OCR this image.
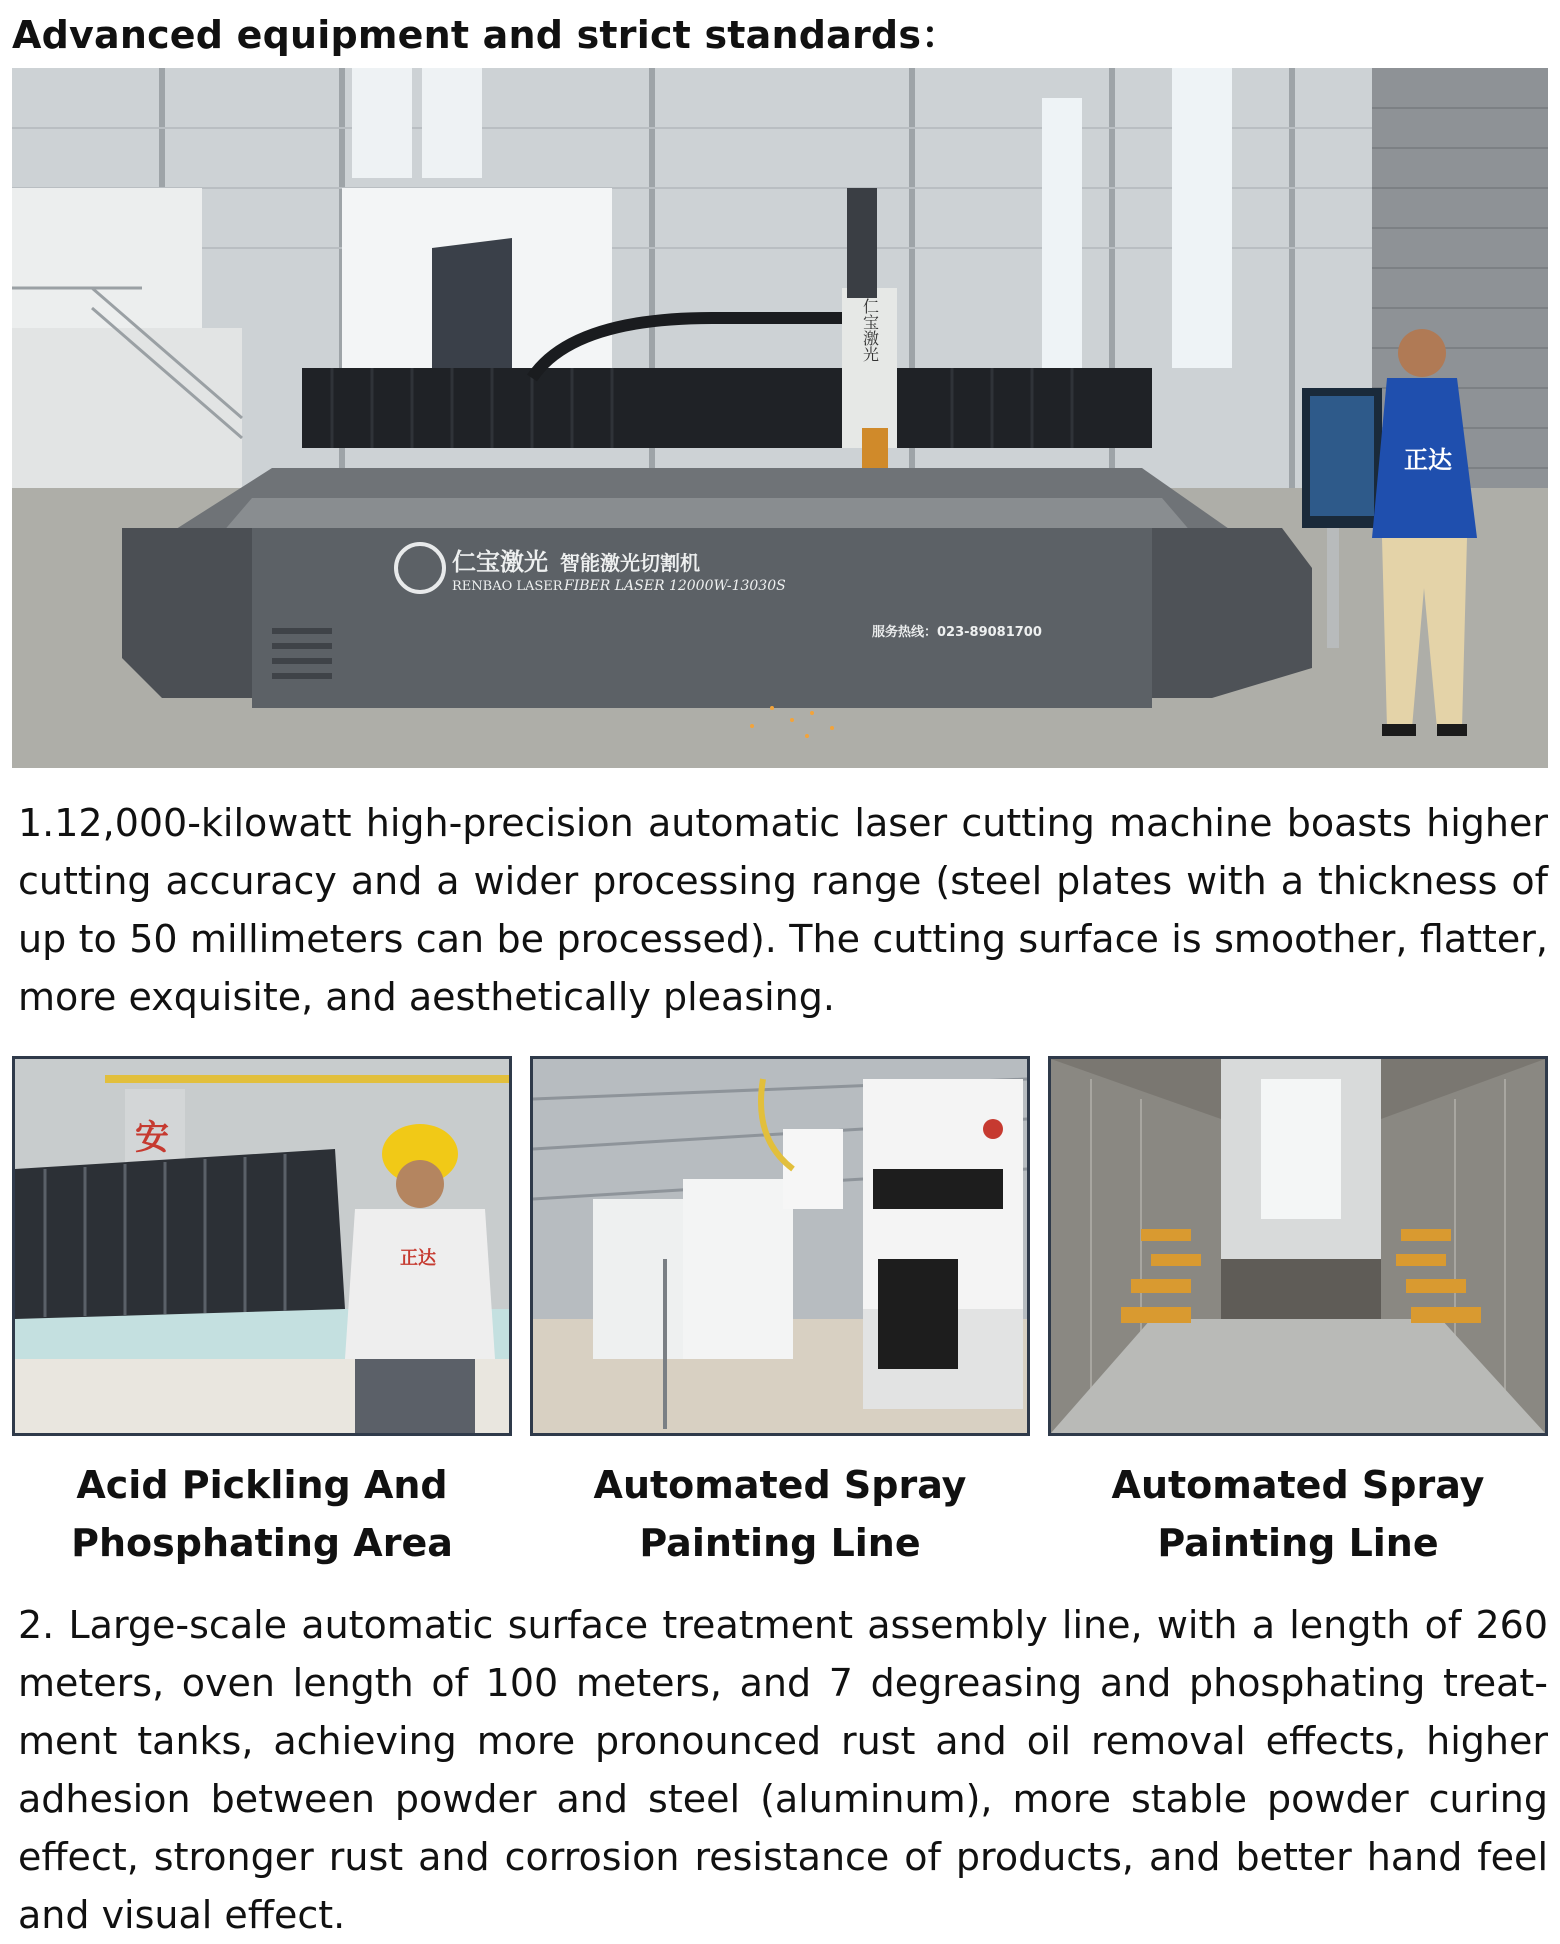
Advanced equipment and strict standards：
仁宝激光
仁宝激光
RENBAO LASER
智能激光切割机
FIBER LASER 12000W-13030S
服务热线：023-89081700
正达

1.12,000-kilowatt high-precision automatic laser cutting machine boasts higher cutting accuracy and a wider processing range (steel plates with a thickness of up to 50 millimeters can be processed). The cutting surface is smoother, flatter, more exquisite, and aesthetically pleasing.

安
正达
Acid Pickling And
Phosphating Area
Automated Spray
Painting Line
Automated Spray
Painting Line

2. Large-scale automatic surface treatment assembly line, with a length of 260 meters, oven length of 100 meters, and 7 degreasing and phosphating treat-ment tanks, achieving more pronounced rust and oil removal effects, higher adhesion between powder and steel (aluminum), more stable powder curing effect, stronger rust and corrosion resistance of products, and better hand feel and visual effect.
